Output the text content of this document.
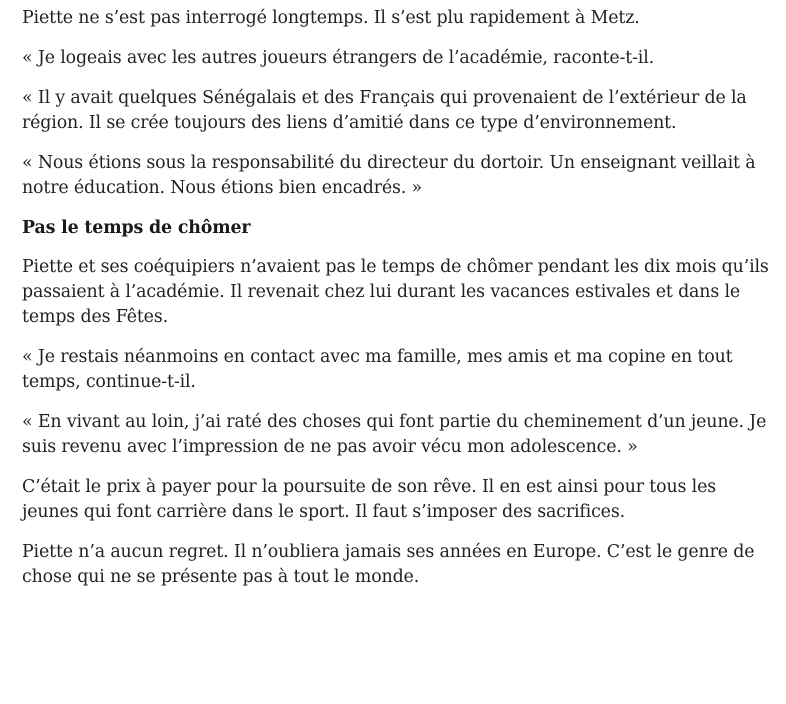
Piette ne s’est pas interrogé longtemps. Il s’est plu rapidement à Metz.

« Je logeais avec les autres joueurs étrangers de l’académie, raconte-t-il.

« Il y avait quelques Sénégalais et des Français qui provenaient de l’extérieur de la région. Il se crée toujours des liens d’amitié dans ce type d’environnement.

« Nous étions sous la responsabilité du directeur du dortoir. Un enseignant veillait à notre éducation. Nous étions bien encadrés. »

Pas le temps de chômer

Piette et ses coéquipiers n’avaient pas le temps de chômer pendant les dix mois qu’ils passaient à l’académie. Il revenait chez lui durant les vacances estivales et dans le temps des Fêtes.

« Je restais néanmoins en contact avec ma famille, mes amis et ma copine en tout temps, continue-t-il.

« En vivant au loin, j’ai raté des choses qui font partie du cheminement d’un jeune. Je suis revenu avec l’impression de ne pas avoir vécu mon adolescence. »

C’était le prix à payer pour la poursuite de son rêve. Il en est ainsi pour tous les jeunes qui font carrière dans le sport. Il faut s’imposer des sacrifices.

Piette n’a aucun regret. Il n’oubliera jamais ses années en Europe. C’est le genre de chose qui ne se présente pas à tout le monde.
